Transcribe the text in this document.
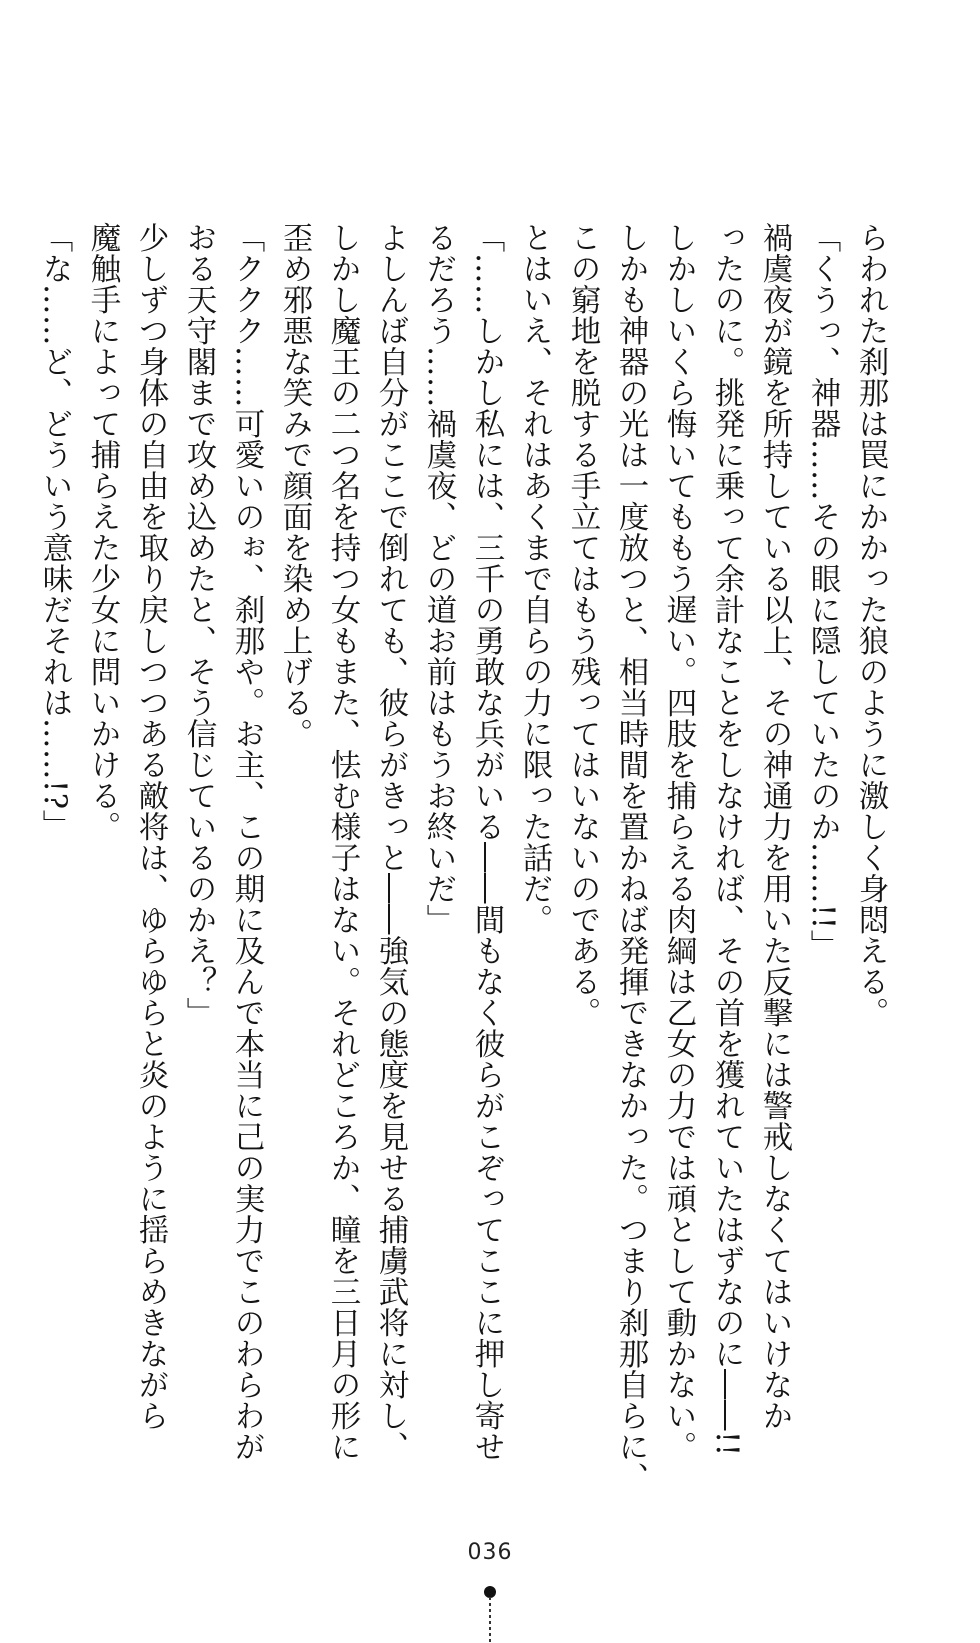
らわれた刹那は罠にかかった狼のように激しく身悶える。
「くうっ、神器……その眼に隠していたのか……!!」
禍虞夜が鏡を所持している以上、その神通力を用いた反撃には警戒しなくてはいけなか
ったのに。挑発に乗って余計なことをしなければ、その首を獲れていたはずなのに――!!
しかしいくら悔いてももう遅い。四肢を捕らえる肉綱は乙女の力では頑として動かない。
しかも神器の光は一度放つと、相当時間を置かねば発揮できなかった。つまり刹那自らに、
この窮地を脱する手立てはもう残ってはいないのである。
とはいえ、それはあくまで自らの力に限った話だ。
「……しかし私には、三千の勇敢な兵がいる――間もなく彼らがこぞってここに押し寄せ
るだろう……禍虞夜、どの道お前はもうお終いだ」
よしんば自分がここで倒れても、彼らがきっと――強気の態度を見せる捕虜武将に対し、
しかし魔王の二つ名を持つ女もまた、怯む様子はない。それどころか、瞳を三日月の形に
歪め邪悪な笑みで顔面を染め上げる。
「ククク……可愛いのぉ、刹那や。お主、この期に及んで本当に己の実力でこのわらわが
おる天守閣まで攻め込めたと、そう信じているのかえ？」
少しずつ身体の自由を取り戻しつつある敵将は、ゆらゆらと炎のように揺らめきながら
魔触手によって捕らえた少女に問いかける。
「な……ど、どういう意味だそれは……!?」
036
